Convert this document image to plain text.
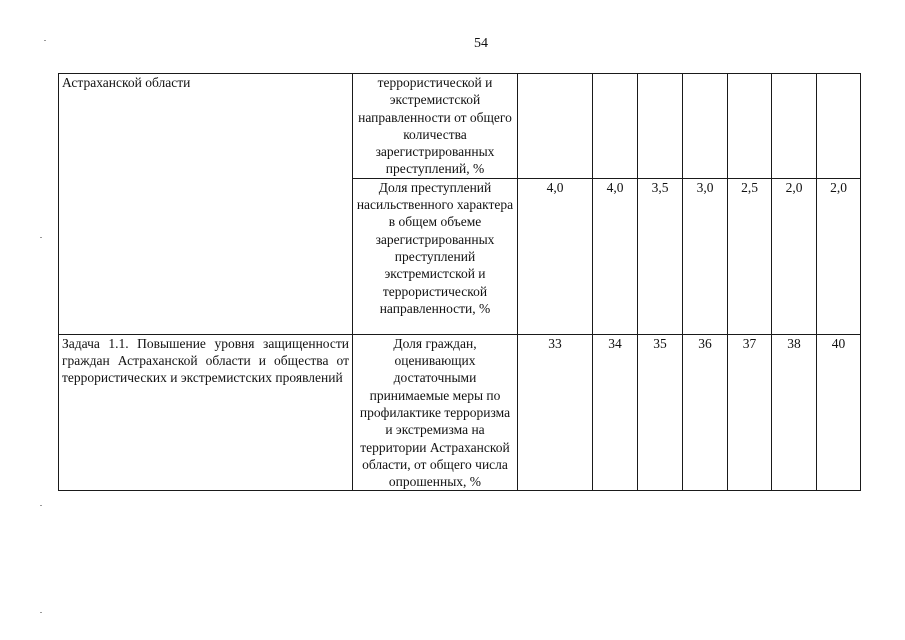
54
Астраханской области	террористической и экстремистской направленности от общего количества зарегистрированных преступлений, %							
	Доля преступлений насильственного характера в общем объеме зарегистрированных преступлений экстремистской и террористической направленности, %	4,0	4,0	3,5	3,0	2,5	2,0	2,0
Задача 1.1. Повышение уровня защищенности граждан Астраханской области и общества от террористических и экстремистских проявлений	Доля граждан, оценивающих достаточными принимаемые меры по профилактике терроризма и экстремизма на территории Астраханской области, от общего числа опрошенных, %	33	34	35	36	37	38	40
